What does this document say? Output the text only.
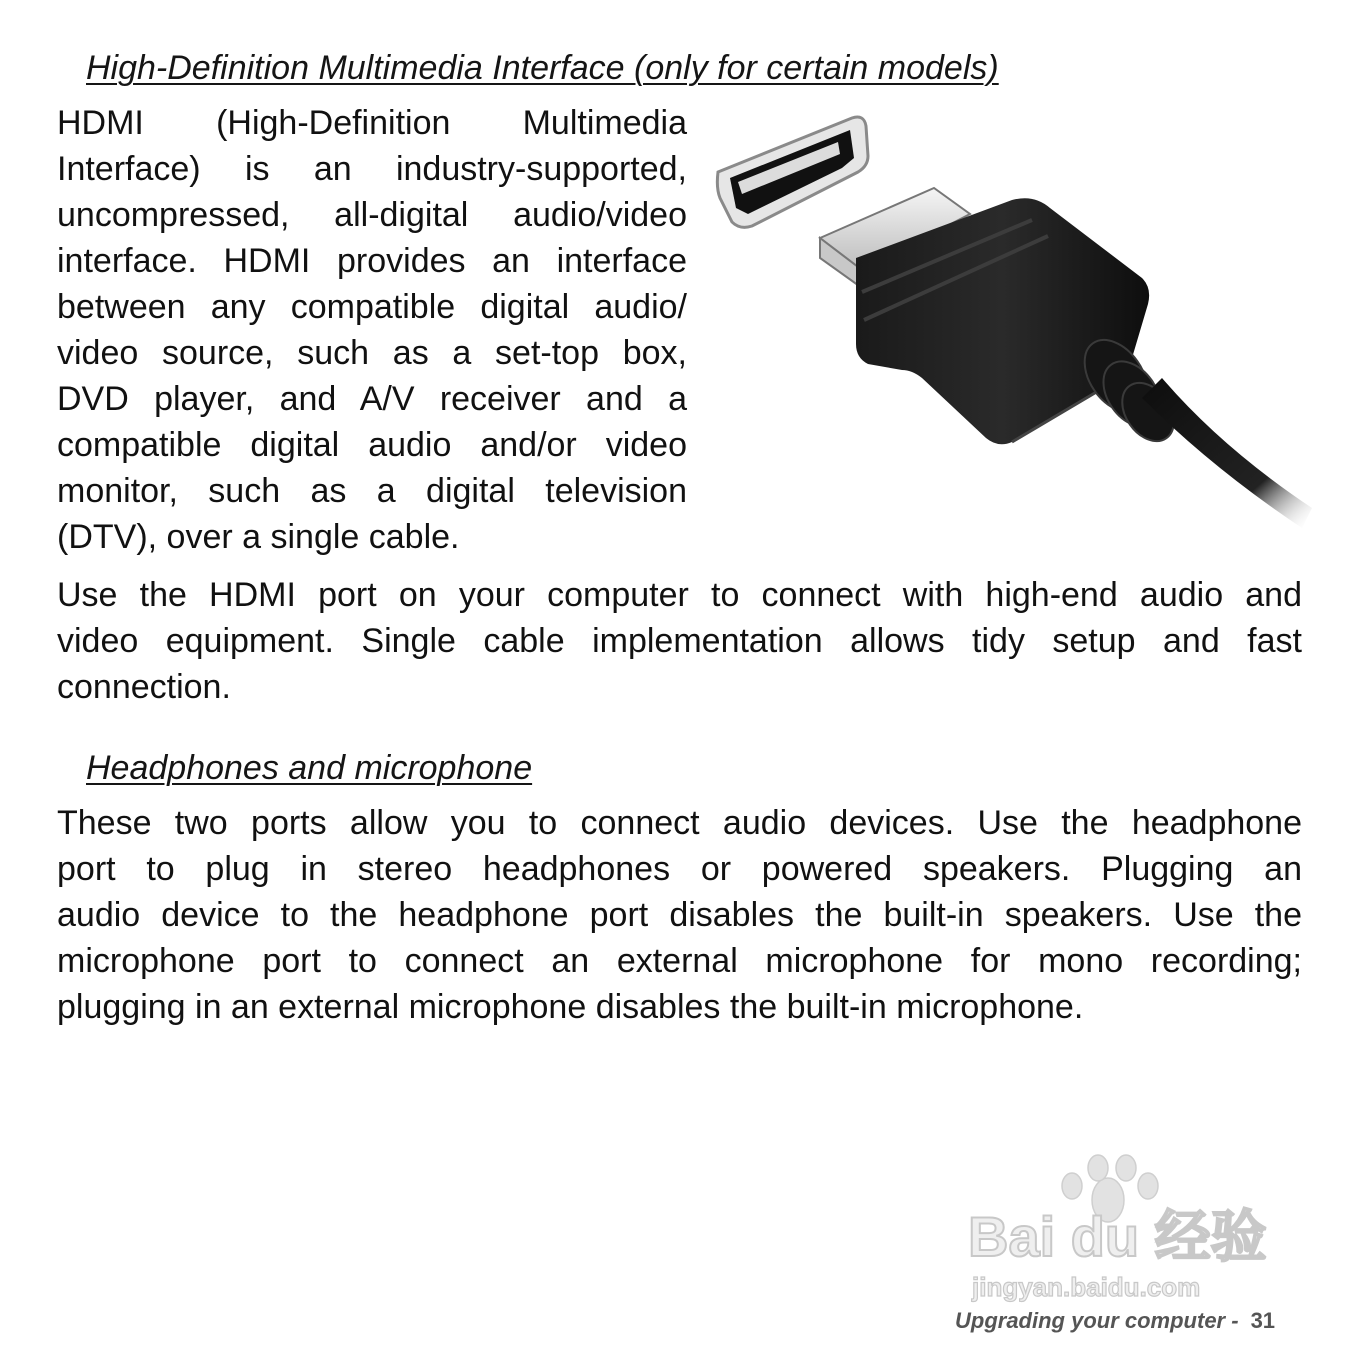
High-Definition Multimedia Interface (only for certain models)
HDMI (High-Definition Multimedia
Interface) is an industry-supported,
uncompressed, all-digital audio/video
interface. HDMI provides an interface
between any compatible digital audio/
video source, such as a set-top box,
DVD player, and A/V receiver and a
compatible digital audio and/or video
monitor, such as a digital television
(DTV), over a single cable.
Use the HDMI port on your computer to connect with high-end audio and
video equipment. Single cable implementation allows tidy setup and fast
connection.
Headphones and microphone
These two ports allow you to connect audio devices. Use the headphone
port to plug in stereo headphones or powered speakers. Plugging an
audio device to the headphone port disables the built-in speakers. Use the
microphone port to connect an external microphone for mono recording;
plugging in an external microphone disables the built-in microphone.
Bai du 经验
jingyan.baidu.com
Upgrading your computer - 31
